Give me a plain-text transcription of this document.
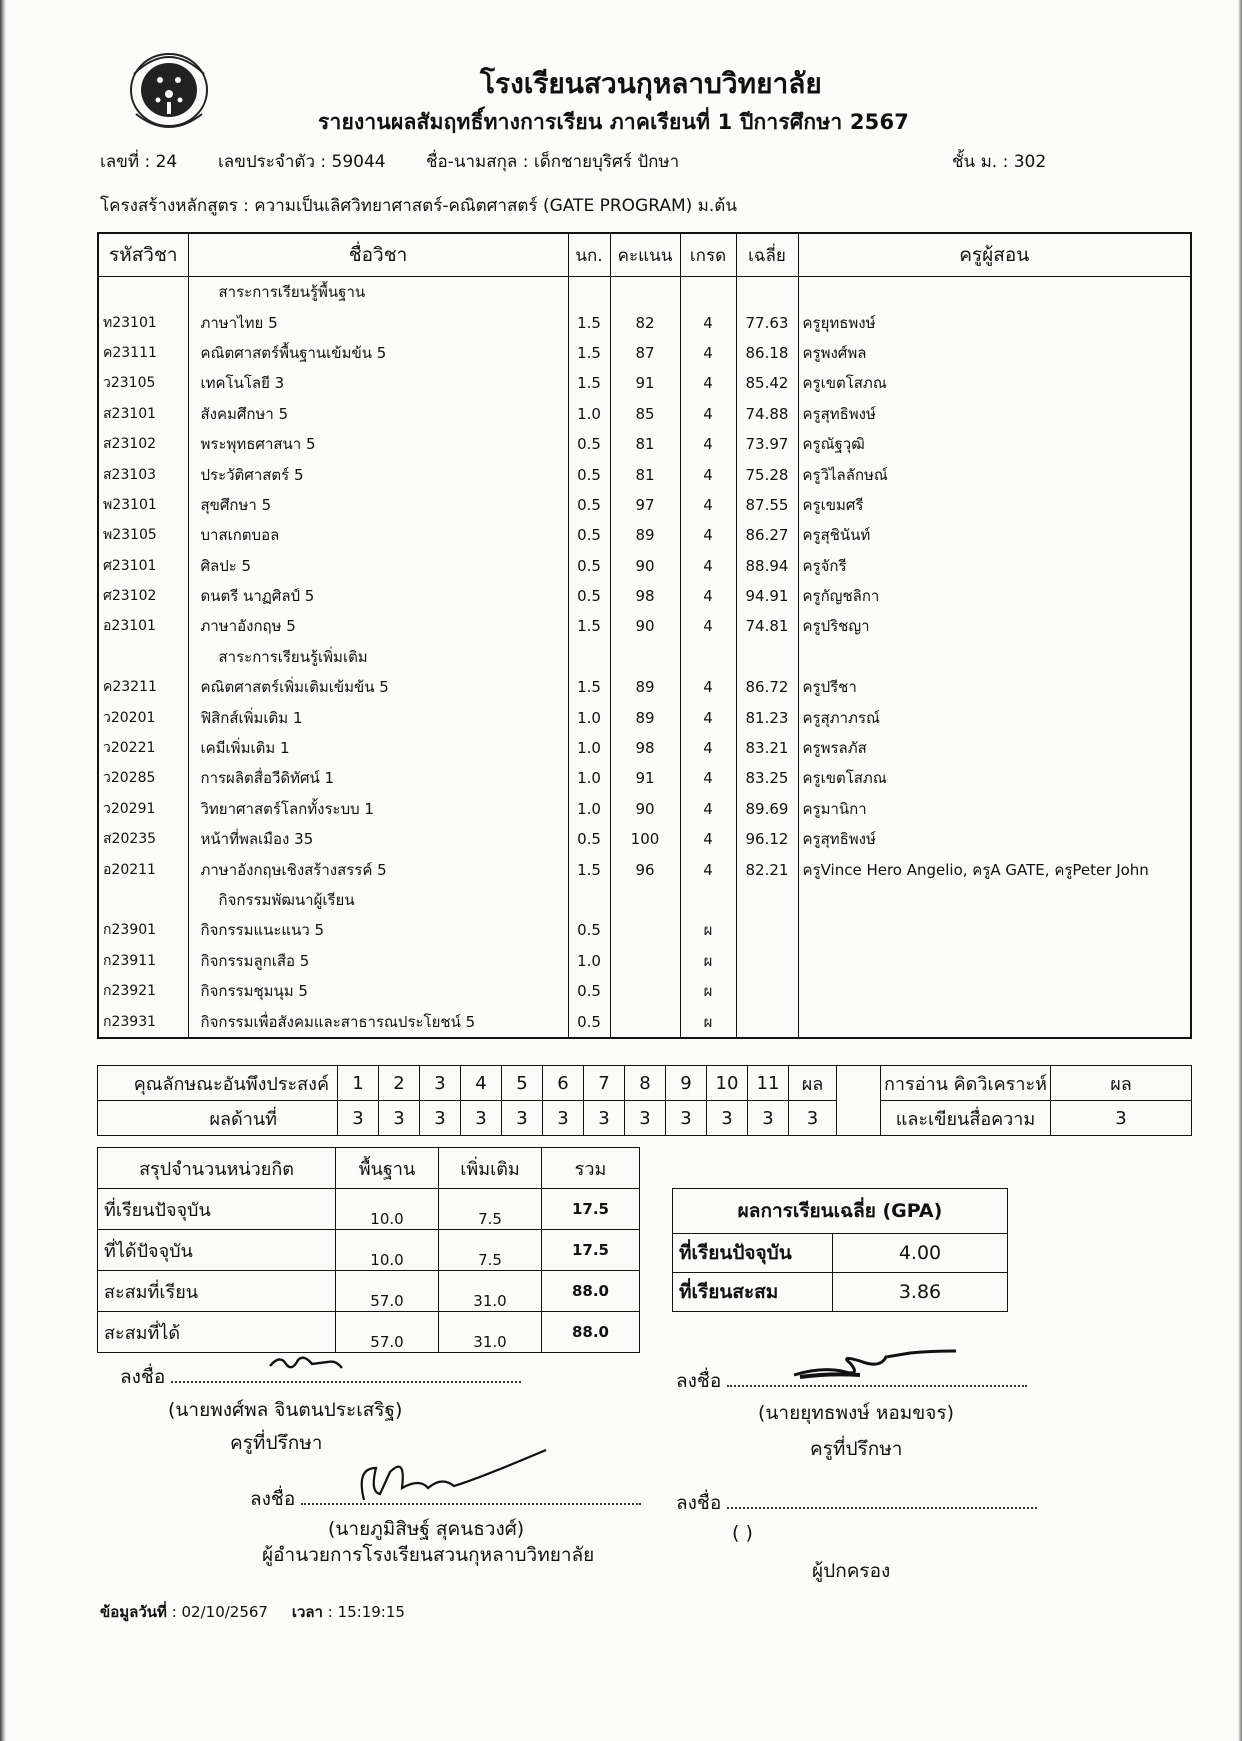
โรงเรียนสวนกุหลาบวิทยาลัย
รายงานผลสัมฤทธิ์ทางการเรียน ภาคเรียนที่ 1 ปีการศึกษา 2567
เลขที่ : 24 เลขประจำตัว : 59044 ชื่อ-นามสกุล : เด็กชายบุริศร์ ปักษา	ชั้น ม. : 302
โครงสร้างหลักสูตร : ความเป็นเลิศวิทยาศาสตร์-คณิตศาสตร์ (GATE PROGRAM) ม.ต้น
รหัสวิชา	ชื่อวิชา	นก.	คะแนน	เกรด	เฉลี่ย	ครูผู้สอน
	สาระการเรียนรู้พื้นฐาน					
ท23101	ภาษาไทย 5	1.5	82	4	77.63	ครูยุทธพงษ์
ค23111	คณิตศาสตร์พื้นฐานเข้มข้น 5	1.5	87	4	86.18	ครูพงศ์พล
ว23105	เทคโนโลยี 3	1.5	91	4	85.42	ครูเขตโสภณ
ส23101	สังคมศึกษา 5	1.0	85	4	74.88	ครูสุทธิพงษ์
ส23102	พระพุทธศาสนา 5	0.5	81	4	73.97	ครูณัฐวุฒิ
ส23103	ประวัติศาสตร์ 5	0.5	81	4	75.28	ครูวิไลลักษณ์
พ23101	สุขศึกษา 5	0.5	97	4	87.55	ครูเขมศรี
พ23105	บาสเกตบอล	0.5	89	4	86.27	ครูสุชินันท์
ศ23101	ศิลปะ 5	0.5	90	4	88.94	ครูจักรี
ศ23102	ดนตรี นาฏศิลป์ 5	0.5	98	4	94.91	ครูกัญชลิกา
อ23101	ภาษาอังกฤษ 5	1.5	90	4	74.81	ครูปริชญา
	สาระการเรียนรู้เพิ่มเติม					
ค23211	คณิตศาสตร์เพิ่มเติมเข้มข้น 5	1.5	89	4	86.72	ครูปรีชา
ว20201	ฟิสิกส์เพิ่มเติม 1	1.0	89	4	81.23	ครูสุภาภรณ์
ว20221	เคมีเพิ่มเติม 1	1.0	98	4	83.21	ครูพรลภัส
ว20285	การผลิตสื่อวีดิทัศน์ 1	1.0	91	4	83.25	ครูเขตโสภณ
ว20291	วิทยาศาสตร์โลกทั้งระบบ 1	1.0	90	4	89.69	ครูมานิกา
ส20235	หน้าที่พลเมือง 35	0.5	100	4	96.12	ครูสุทธิพงษ์
อ20211	ภาษาอังกฤษเชิงสร้างสรรค์ 5	1.5	96	4	82.21	ครูVince Hero Angelio, ครูA GATE, ครูPeter John
	กิจกรรมพัฒนาผู้เรียน					
ก23901	กิจกรรมแนะแนว 5	0.5		ผ		
ก23911	กิจกรรมลูกเสือ 5	1.0		ผ		
ก23921	กิจกรรมชุมนุม 5	0.5		ผ		
ก23931	กิจกรรมเพื่อสังคมและสาธารณประโยชน์ 5	0.5		ผ		
คุณลักษณะอันพึงประสงค์	1	2	3	4	5	6	7	8	9	10	11	ผล		การอ่าน คิดวิเคราะห์	ผล
ผลด้านที่	3	3	3	3	3	3	3	3	3	3	3	3		และเขียนสื่อความ	3
สรุปจำนวนหน่วยกิต	พื้นฐาน	เพิ่มเติม	รวม
ที่เรียนปัจจุบัน	10.0	7.5	17.5
ที่ได้ปัจจุบัน	10.0	7.5	17.5
สะสมที่เรียน	57.0	31.0	88.0
สะสมที่ได้	57.0	31.0	88.0
ผลการเรียนเฉลี่ย (GPA)	
ที่เรียนปัจจุบัน	4.00
ที่เรียนสะสม	3.86
ลงชื่อ
(นายพงศ์พล จินตนประเสริฐ)
ครูที่ปรึกษา
ลงชื่อ
(นายยุทธพงษ์ หอมขจร)
ครูที่ปรึกษา
ลงชื่อ
(นายภูมิสิษฐ์ สุคนธวงศ์)
ผู้อำนวยการโรงเรียนสวนกุหลาบวิทยาลัย
ลงชื่อ
( )
ผู้ปกครอง
ข้อมูลวันที่ : 02/10/2567 เวลา : 15:19:15
